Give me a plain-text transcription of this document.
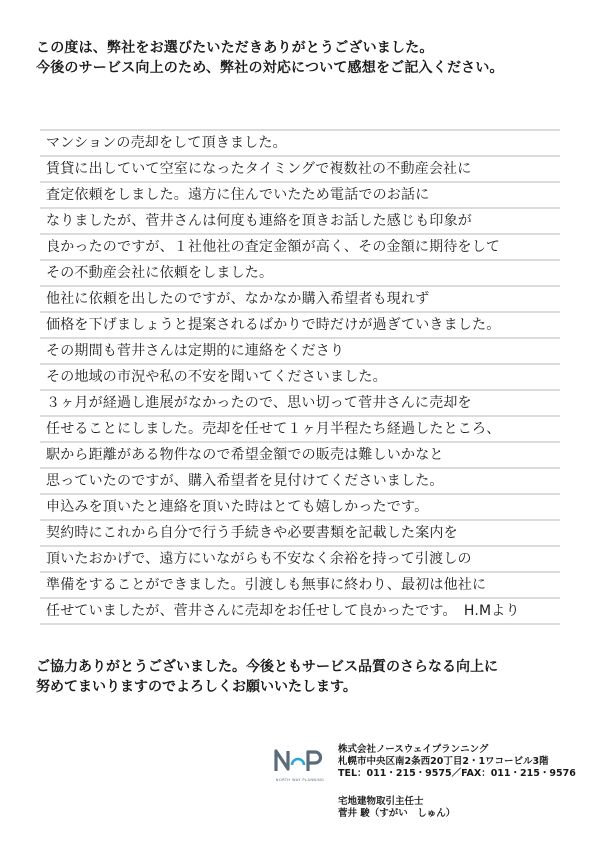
この度は、弊社をお選びたいただきありがとうございました。
今後のサービス向上のため、弊社の対応について感想をご記入ください。
マンションの売却をして頂きました。
賃貸に出していて空室になったタイミングで複数社の不動産会社に
査定依頼をしました。遠方に住んでいたため電話でのお話に
なりましたが、菅井さんは何度も連絡を頂きお話した感じも印象が
良かったのですが、１社他社の査定金額が高く、その金額に期待をして
その不動産会社に依頼をしました。
他社に依頼を出したのですが、なかなか購入希望者も現れず
価格を下げましょうと提案されるばかりで時だけが過ぎていきました。
その期間も菅井さんは定期的に連絡をくださり
その地域の市況や私の不安を聞いてくださいました。
３ヶ月が経過し進展がなかったので、思い切って菅井さんに売却を
任せることにしました。売却を任せて１ヶ月半程たち経過したところ、
駅から距離がある物件なので希望金額での販売は難しいかなと
思っていたのですが、購入希望者を見付けてくださいました。
申込みを頂いたと連絡を頂いた時はとても嬉しかったです。
契約時にこれから自分で行う手続きや必要書類を記載した案内を
頂いたおかげで、遠方にいながらも不安なく余裕を持って引渡しの
準備をすることができました。引渡しも無事に終わり、最初は他社に
任せていましたが、菅井さんに売却をお任せして良かったです。　H.Mより
ご協力ありがとうございました。今後ともサービス品質のさらなる向上に
努めてまいりますのでよろしくお願いいたします。
NORTH WAY PLANNING
株式会社ノースウェイプランニング
札幌市中央区南2条西20丁目2・1ワコービル3階
TEL：011・215・9575／FAX：011・215・9576
宅地建物取引主任士
菅井 駿（すがい　しゅん）
